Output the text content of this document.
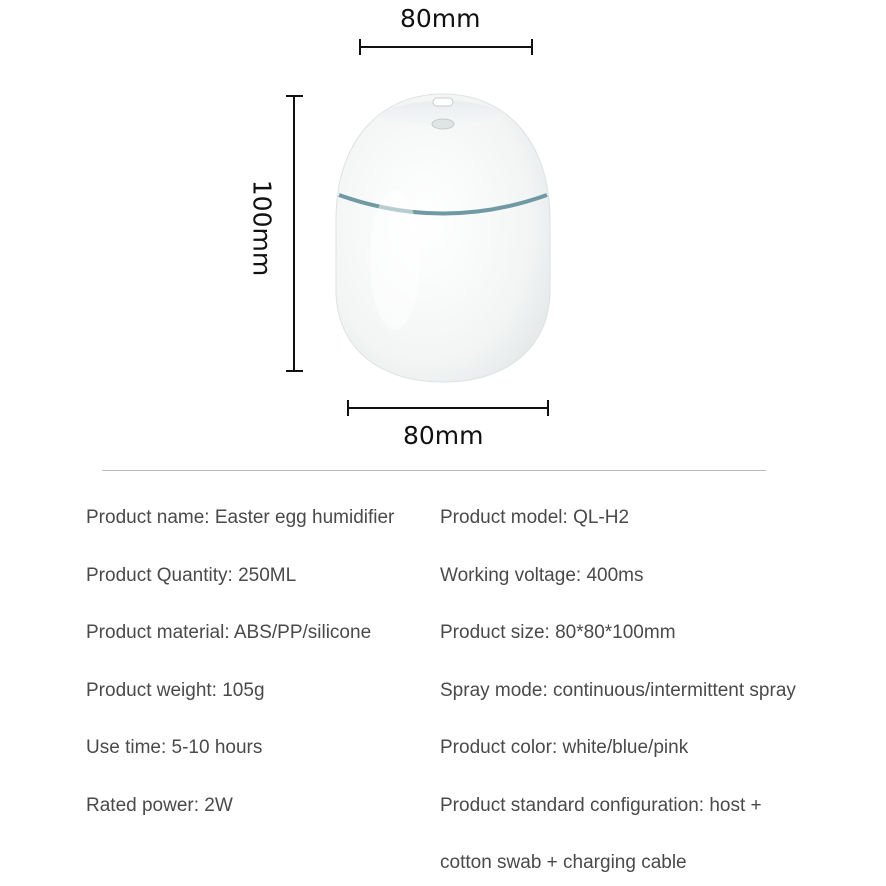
80mm
100mm
80mm
Product name: Easter egg humidifier
Product Quantity: 250ML
Product material: ABS/PP/silicone
Product weight: 105g
Use time: 5-10 hours
Rated power: 2W
Product model: QL-H2
Working voltage: 400ms
Product size: 80*80*100mm
Spray mode: continuous/intermittent spray
Product color: white/blue/pink
Product standard configuration: host +
cotton swab + charging cable
